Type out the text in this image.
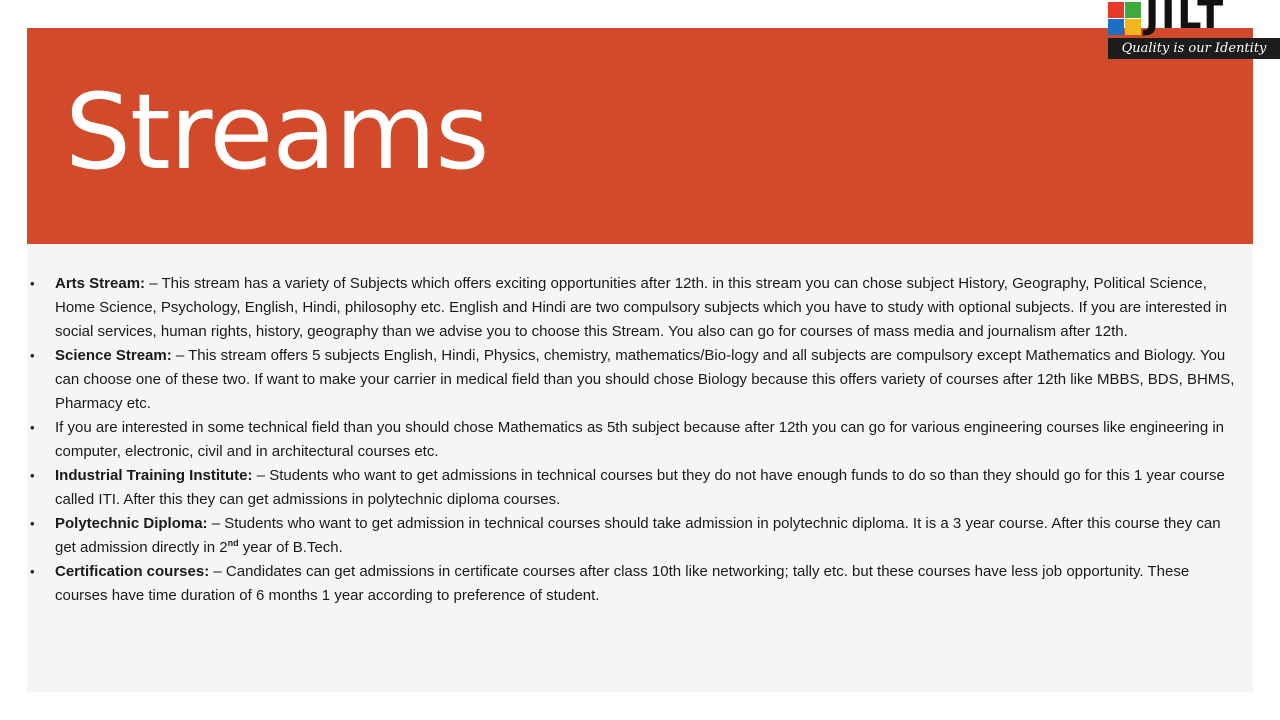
Streams
• Arts Stream: – This stream has a variety of Subjects which offers exciting opportunities after 12th. in this stream you can chose subject History, Geography, Political Science, Home Science, Psychology, English, Hindi, philosophy etc. English and Hindi are two compulsory subjects which you have to study with optional subjects. If you are interested in social services, human rights, history, geography than we advise you to choose this Stream. You also can go for courses of mass media and journalism after 12th.
• Science Stream: – This stream offers 5 subjects English, Hindi, Physics, chemistry, mathematics/Bio-logy and all subjects are compulsory except Mathematics and Biology. You can choose one of these two. If want to make your carrier in medical field than you should chose Biology because this offers variety of courses after 12th like MBBS, BDS, BHMS, Pharmacy etc.
• If you are interested in some technical field than you should chose Mathematics as 5th subject because after 12th you can go for various engineering courses like engineering in computer, electronic, civil and in architectural courses etc.
• Industrial Training Institute: – Students who want to get admissions in technical courses but they do not have enough funds to do so than they should go for this 1 year course called ITI. After this they can get admissions in polytechnic diploma courses.
• Polytechnic Diploma: – Students who want to get admission in technical courses should take admission in polytechnic diploma. It is a 3 year course. After this course they can get admission directly in 2nd year of B.Tech.
• Certification courses: – Candidates can get admissions in certificate courses after class 10th like networking; tally etc. but these courses have less job opportunity. These courses have time duration of 6 months 1 year according to preference of student.
JILT
Quality is our Identity
